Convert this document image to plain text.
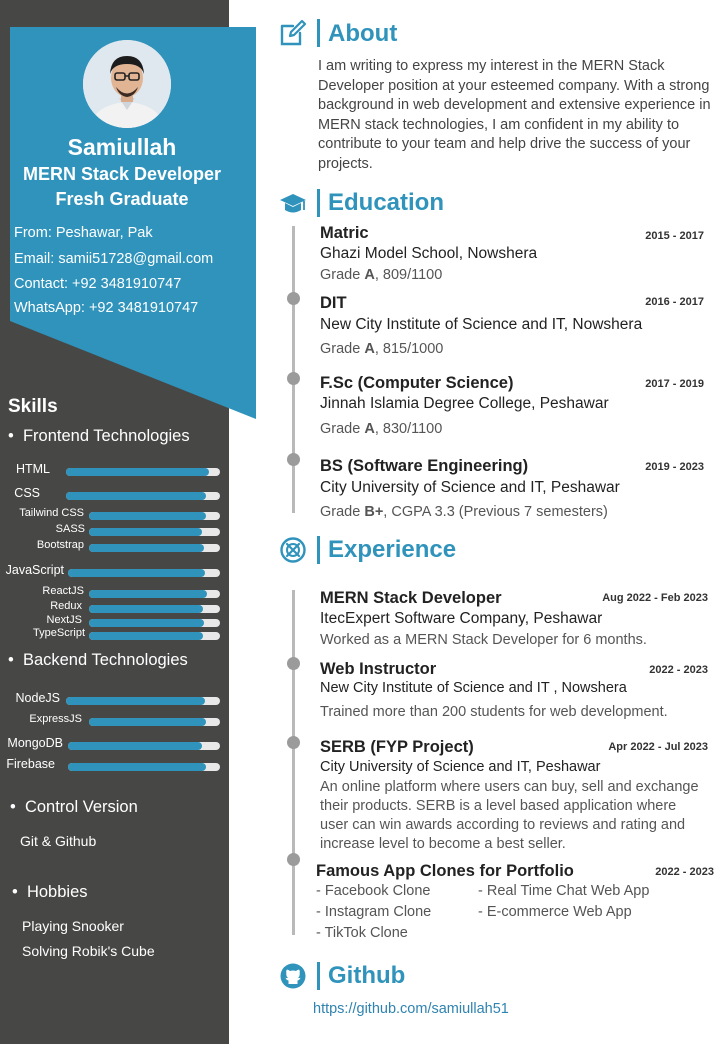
Samiullah
MERN Stack Developer
Fresh Graduate
From: Peshawar, Pak
Email: samii51728@gmail.com
Contact: +92 3481910747
WhatsApp: +92 3481910747
Skills
•  Frontend Technologies
HTML
CSS
Tailwind CSS
SASS
Bootstrap
JavaScript
ReactJS
Redux
NextJS
TypeScript
•  Backend Technologies
NodeJS
ExpressJS
MongoDB
Firebase
•  Control Version
Git & Github
•  Hobbies
Playing Snooker
Solving Robik's Cube
About
I am writing to express my interest in the MERN Stack Developer position at your esteemed company. With a strong background in web development and extensive experience in MERN stack technologies, I am confident in my ability to contribute to your team and help drive the success of your projects.
Education
Matric	2015 - 2017
Ghazi Model School, Nowshera
Grade A, 809/1100
DIT	2016 - 2017
New City Institute of Science and IT, Nowshera
Grade A, 815/1000
F.Sc (Computer Science)	2017 - 2019
Jinnah Islamia Degree College, Peshawar
Grade A, 830/1100
BS (Software Engineering)	2019 - 2023
City University of Science and IT, Peshawar
Grade B+, CGPA 3.3 (Previous 7 semesters)
Experience
MERN Stack Developer	Aug 2022 - Feb 2023
ItecExpert Software Company, Peshawar
Worked as a MERN Stack Developer for 6 months.
Web Instructor	2022 - 2023
New City Institute of Science and IT , Nowshera
Trained more than 200 students for web development.
SERB (FYP Project)	Apr 2022 - Jul 2023
City University of Science and IT, Peshawar
An online platform where users can buy, sell and exchange
their products. SERB is a level based application where
user can win awards according to reviews and rating and
increase level to become a best seller.
Famous App Clones for Portfolio	2022 - 2023
- Facebook Clone	- Real Time Chat Web App
- Instagram Clone	- E-commerce Web App
- TikTok Clone
Github
https://github.com/samiullah51
